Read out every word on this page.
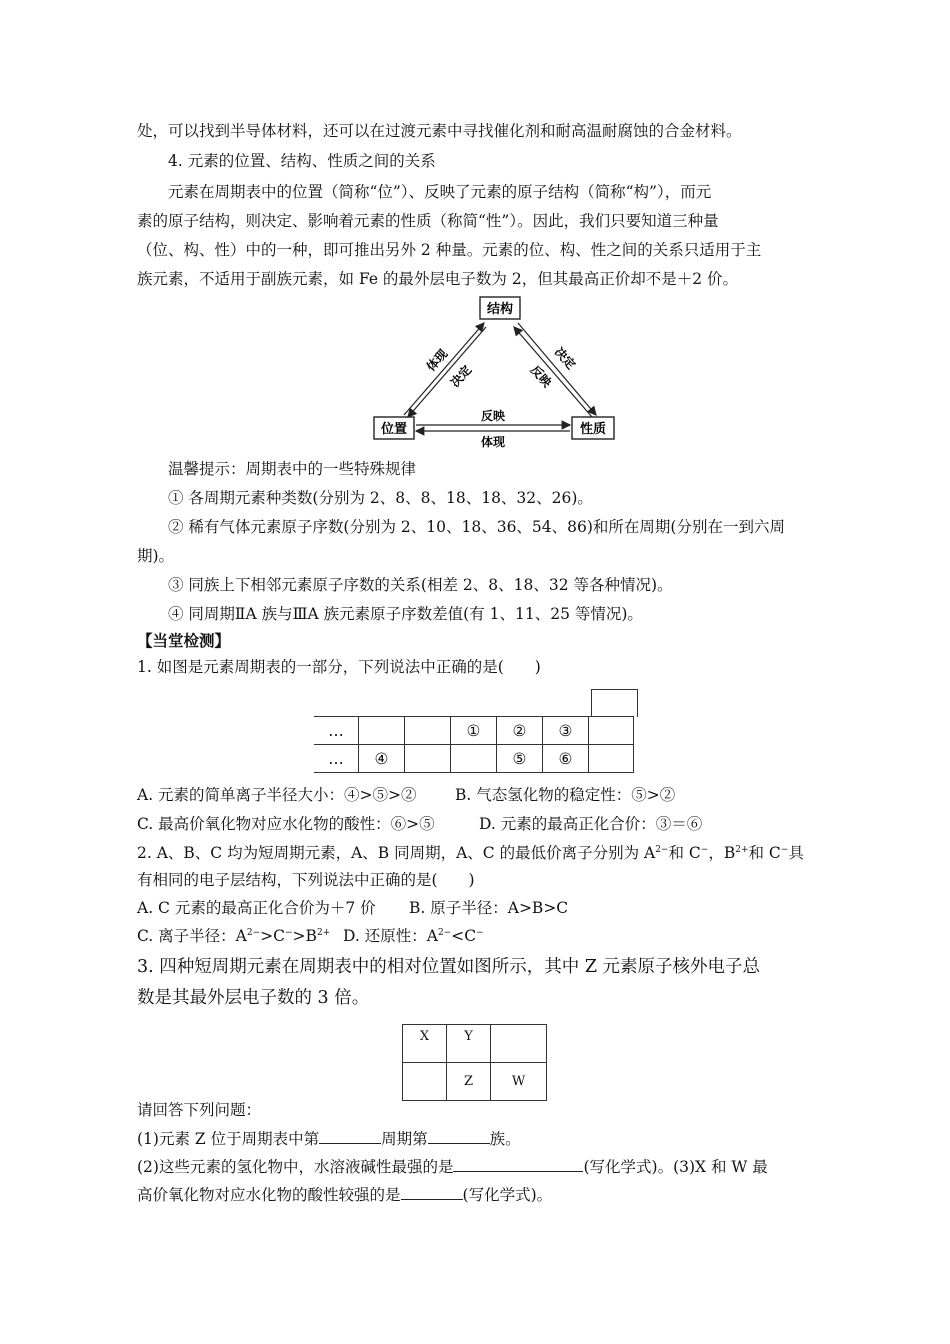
处，可以找到半导体材料，还可以在过渡元素中寻找催化剂和耐高温耐腐蚀的合金材料。
4. 元素的位置、结构、性质之间的关系
元素在周期表中的位置（简称“位”）、反映了元素的原子结构（简称“构”），而元
素的原子结构，则决定、影响着元素的性质（称简“性”）。因此，我们只要知道三种量
（位、构、性）中的一种，即可推出另外 2 种量。元素的位、构、性之间的关系只适用于主
族元素，不适用于副族元素，如 Fe 的最外层电子数为 2，但其最高正价却不是＋2 价。
结构
位置	性质
体现
决定
决定
反映
反映
体现
温馨提示：周期表中的一些特殊规律
① 各周期元素种类数(分别为 2、8、8、18、18、32、26)。
② 稀有气体元素原子序数(分别为 2、10、18、36、54、86)和所在周期(分别在一到六周
期)。
③ 同族上下相邻元素原子序数的关系(相差 2、8、18、32 等各种情况)。
④ 同周期ⅡA 族与ⅢA 族元素原子序数差值(有 1、11、25 等情况)。
【当堂检测】
1. 如图是元素周期表的一部分，下列说法中正确的是(　　)
…			①	②	③	
…	④			⑤	⑥	
A. 元素的简单离子半径大小：④>⑤>② B. 气态氢化物的稳定性：⑤>②
C. 最高价氧化物对应水化物的酸性：⑥>⑤	D. 元素的最高正化合价：③＝⑥
2. A、B、C 均为短周期元素，A、B 同周期，A、C 的最低价离子分别为 $A^{2-}$和 C−，$B^{2+}$和 C−具
有相同的电子层结构，下列说法中正确的是(　　)
A. C 元素的最高正化合价为＋7 价 B. 原子半径：A>B>C
C. 离子半径：$A^{2-}>C^->B^{2+}$ D. 还原性：$A^{2-}<C^-$
3. 四种短周期元素在周期表中的相对位置如图所示，其中 Z 元素原子核外电子总
数是其最外层电子数的 3 倍。
X	Y	
	Z	W
请回答下列问题：
(1)元素 Z 位于周期表中第	周期第	族。
(2)这些元素的氢化物中，水溶液碱性最强的是	(写化学式)。(3)X 和 W 最
高价氧化物对应水化物的酸性较强的是	(写化学式)。
